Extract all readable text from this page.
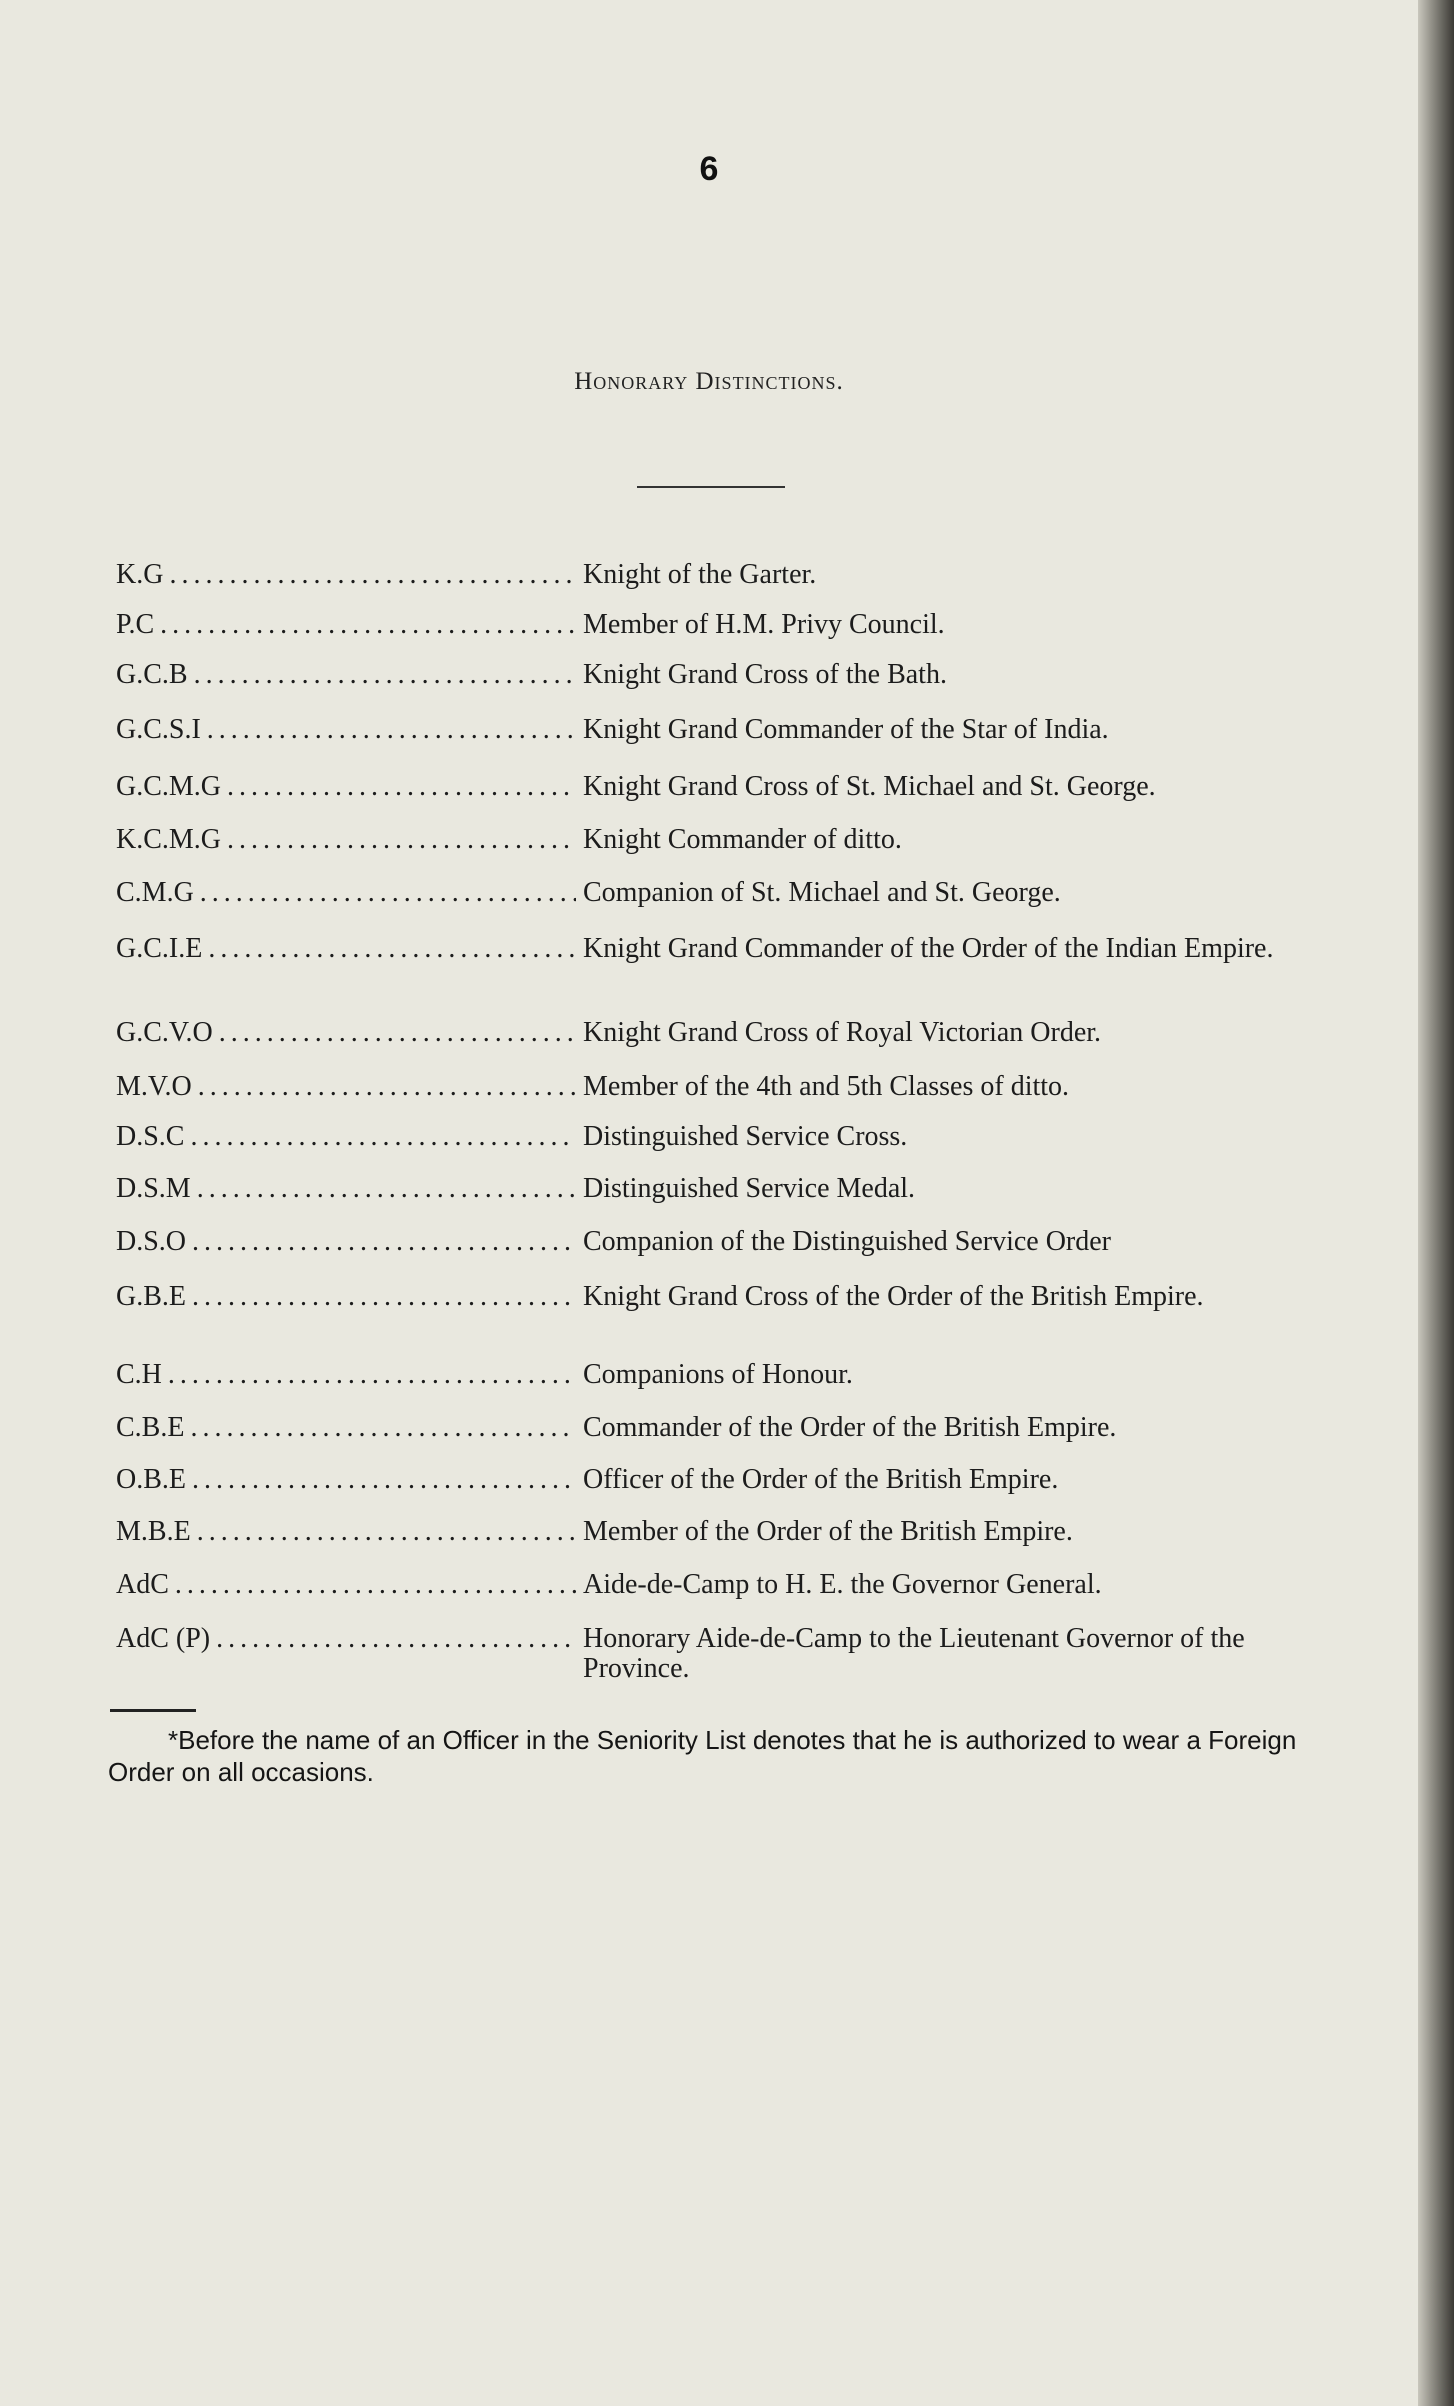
6
Honorary Distinctions.
K.G . . .	Knight of the Garter.
P.C . . .	Member of H.M. Privy Council.
G.C.B . . .	Knight Grand Cross of the Bath.
G.C.S.I . . .	Knight Grand Commander of the Star of India.
G.C.M.G . . .	Knight Grand Cross of St. Michael and St. George.
K.C.M.G . . .	Knight Commander of ditto.
C.M.G . . .	Companion of St. Michael and St. George.
G.C.I.E . . .	Knight Grand Commander of the Order of the Indian Empire.
G.C.V.O . . .	Knight Grand Cross of Royal Victorian Order.
M.V.O . . .	Member of the 4th and 5th Classes of ditto.
D.S.C . . .	Distinguished Service Cross.
D.S.M . . .	Distinguished Service Medal.
D.S.O . . .	Companion of the Distinguished Service Order
G.B.E . . .	Knight Grand Cross of the Order of the British Empire.
C.H . . .	Companions of Honour.
C.B.E . . .	Commander of the Order of the British Empire.
O.B.E . . .	Officer of the Order of the British Empire.
M.B.E . . .	Member of the Order of the British Empire.
AdC . . .	Aide-de-Camp to H. E. the Governor General.
AdC (P) . . .	Honorary Aide-de-Camp to the Lieutenant Governor of the Province.
*Before the name of an Officer in the Seniority List denotes that he is authorized to wear a Foreign Order on all occasions.
